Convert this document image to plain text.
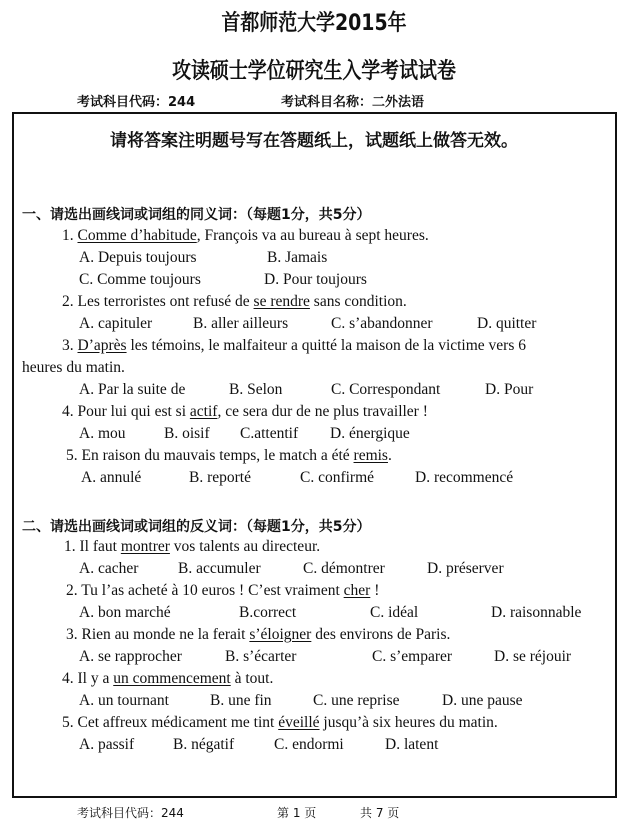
首都师范大学2015年
攻读硕士学位研究生入学考试试卷
考试科目代码：244	考试科目名称：二外法语
请将答案注明题号写在答题纸上，试题纸上做答无效。
一、请选出画线词或词组的同义词：（每题1分，共5分）
1. Comme d’habitude, François va au bureau à sept heures.
A. Depuis toujours	B. Jamais
C. Comme toujours	D. Pour toujours
2. Les terroristes ont refusé de se rendre sans condition.
A. capituler	B. aller ailleurs	C. s’abandonner	D. quitter
3. D’après les témoins, le malfaiteur a quitté la maison de la victime vers 6
heures du matin.
A. Par la suite de	B. Selon	C. Correspondant	D. Pour
4. Pour lui qui est si actif, ce sera dur de ne plus travailler !
A. mou B. oisif C.attentif D. énergique
5. En raison du mauvais temps, le match a été remis.
A. annulé	B. reporté	C. confirmé	D. recommencé
二、请选出画线词或词组的反义词：（每题1分，共5分）
1. Il faut montrer vos talents au directeur.
A. cacher	B. accumuler	C. démontrer	D. préserver
2. Tu l’as acheté à 10 euros ! C’est vraiment cher !
A. bon marché	B.correct	C. idéal	D. raisonnable
3. Rien au monde ne la ferait s’éloigner des environs de Paris.
A. se rapprocher	B. s’écarter	C. s’emparer	D. se réjouir
4. Il y a un commencement à tout.
A. un tournant	B. une fin	C. une reprise	D. une pause
5. Cet affreux médicament me tint éveillé jusqu’à six heures du matin.
A. passif	B. négatif	C. endormi	D. latent
考试科目代码：244	第 1 页	共 7 页
